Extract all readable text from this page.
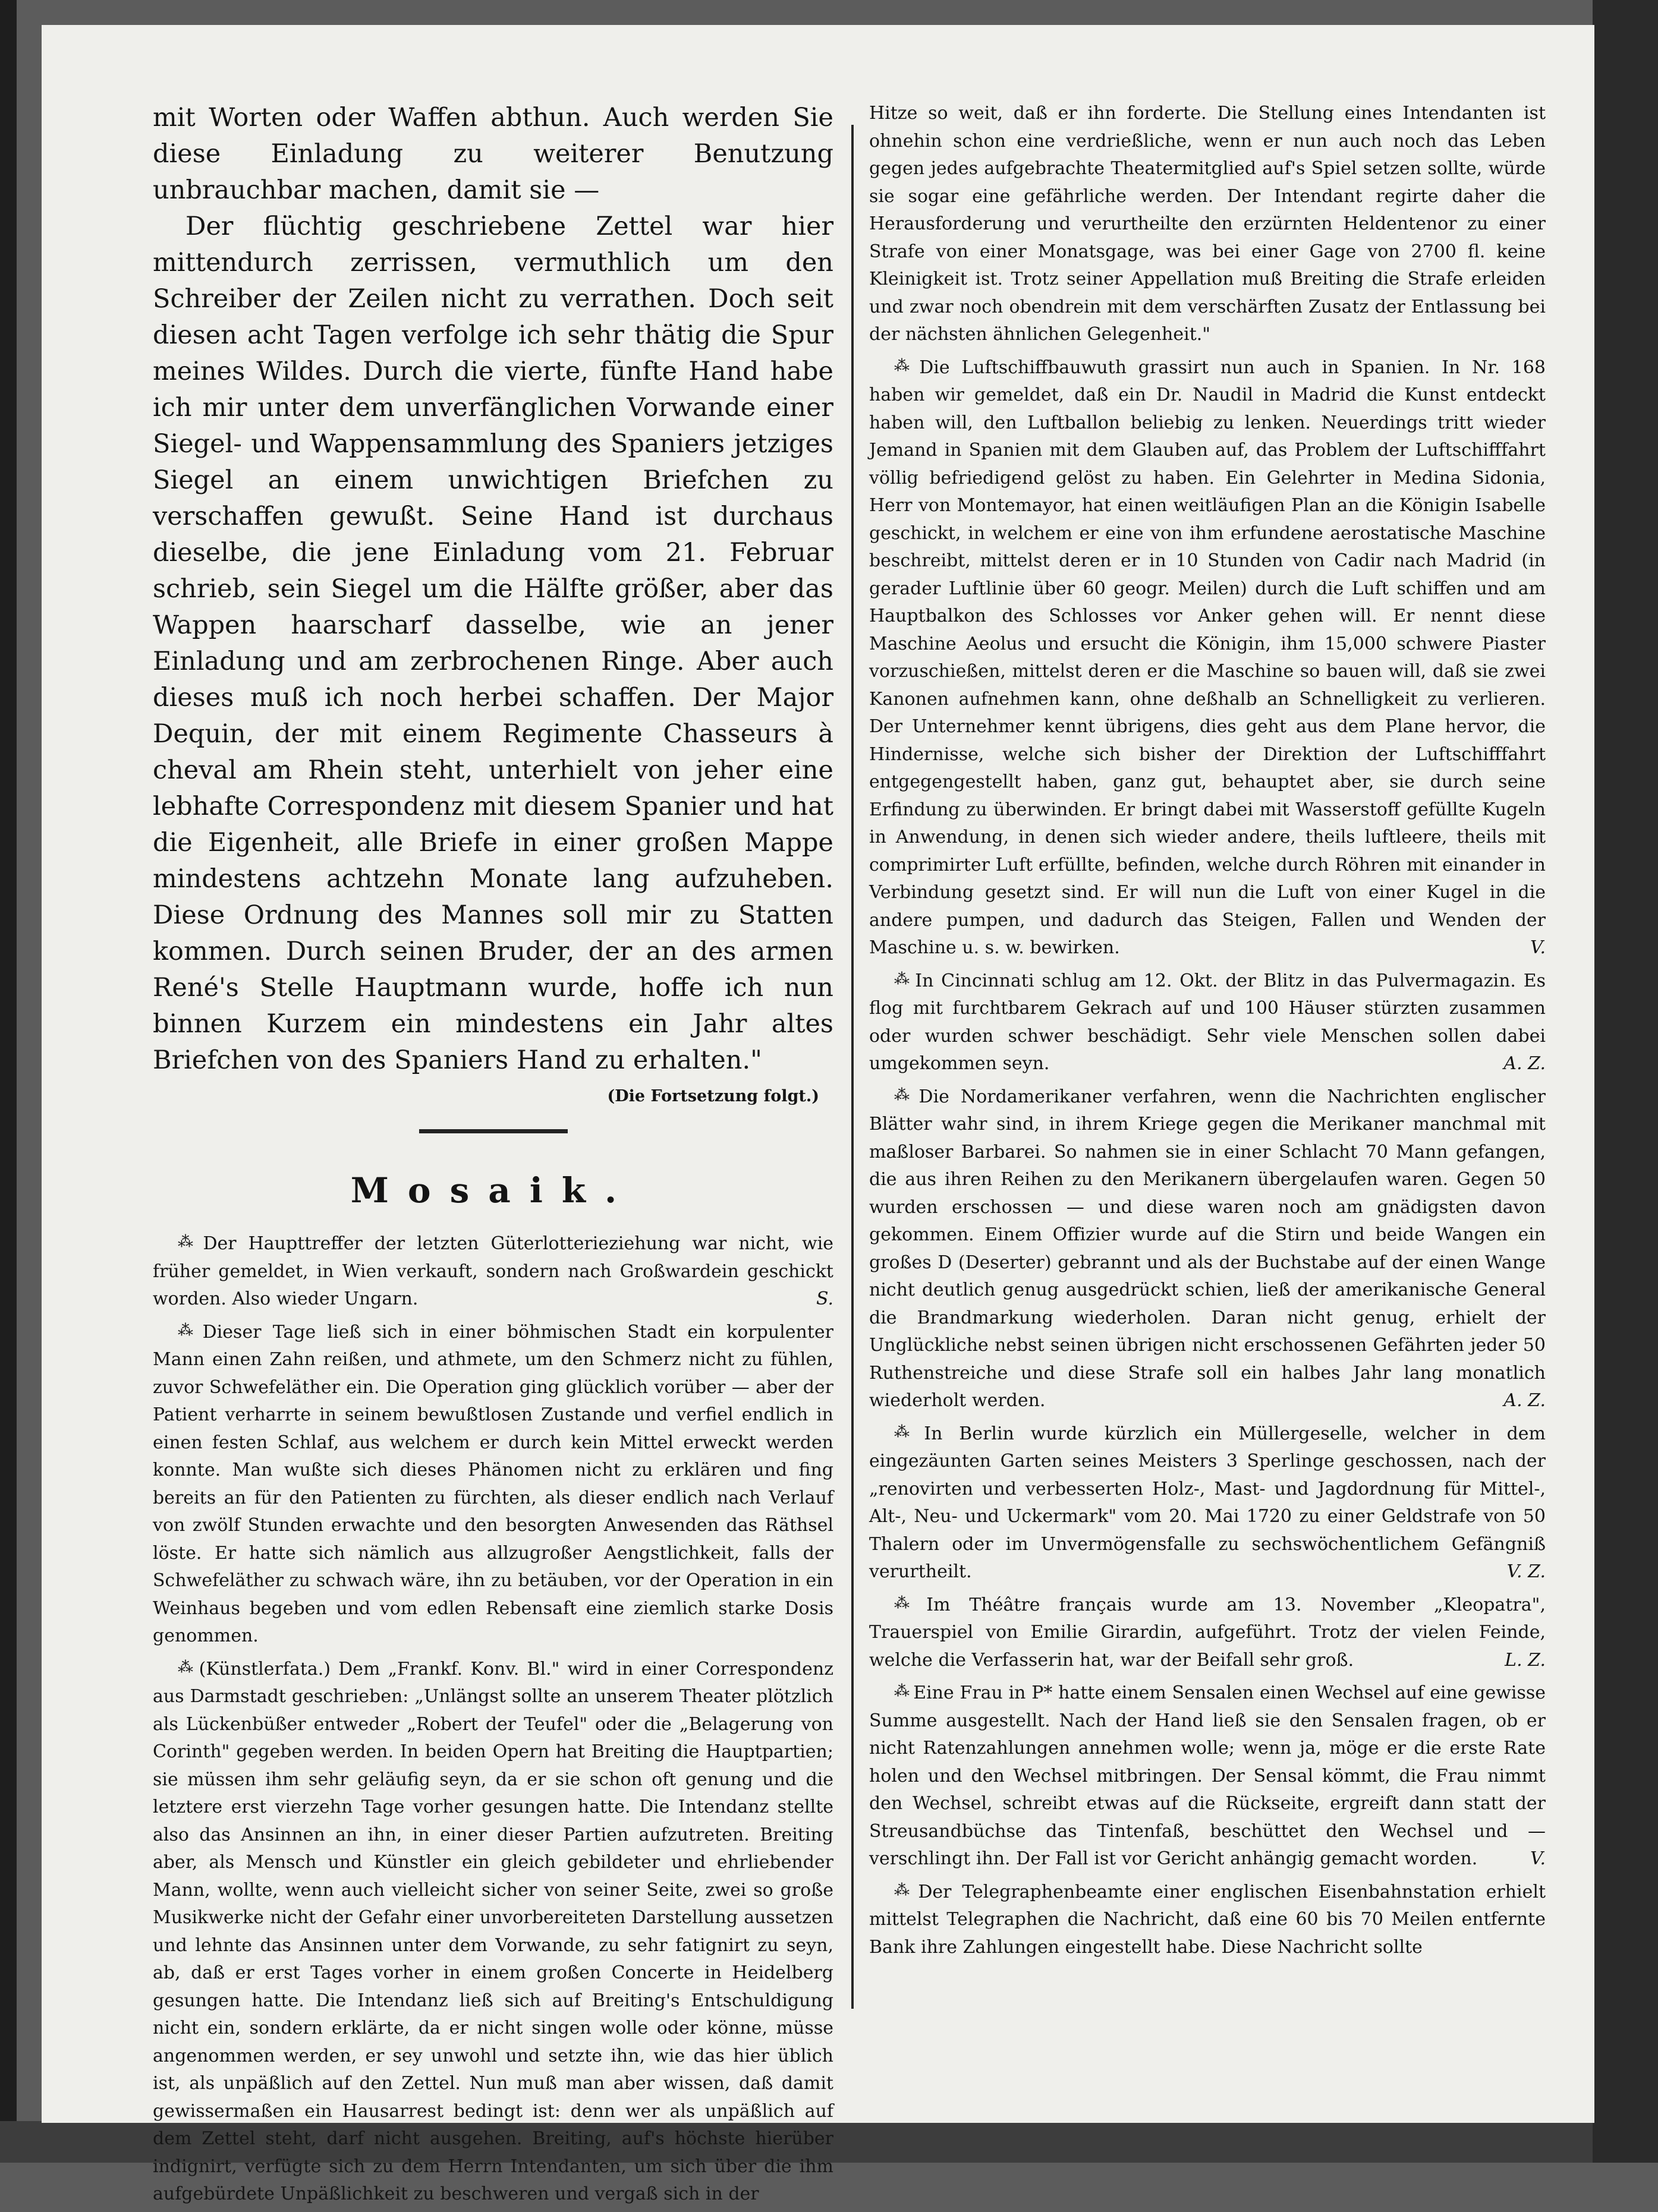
mit Worten oder Waffen abthun. Auch werden Sie diese Einladung zu weiterer Benutzung unbrauchbar machen, damit sie —

Der flüchtig geschriebene Zettel war hier mittendurch zerrissen, vermuthlich um den Schreiber der Zeilen nicht zu verrathen. Doch seit diesen acht Tagen verfolge ich sehr thätig die Spur meines Wildes. Durch die vierte, fünfte Hand habe ich mir unter dem unverfänglichen Vorwande einer Siegel- und Wappensammlung des Spaniers jetziges Siegel an einem unwichtigen Briefchen zu verschaffen gewußt. Seine Hand ist durchaus dieselbe, die jene Einladung vom 21. Februar schrieb, sein Siegel um die Hälfte größer, aber das Wappen haarscharf dasselbe, wie an jener Einladung und am zerbrochenen Ringe. Aber auch dieses muß ich noch herbei schaffen. Der Major Dequin, der mit einem Regimente Chasseurs à cheval am Rhein steht, unterhielt von jeher eine lebhafte Correspondenz mit diesem Spanier und hat die Eigenheit, alle Briefe in einer großen Mappe mindestens achtzehn Monate lang aufzuheben. Diese Ordnung des Mannes soll mir zu Statten kommen. Durch seinen Bruder, der an des armen René's Stelle Hauptmann wurde, hoffe ich nun binnen Kurzem ein mindestens ein Jahr altes Briefchen von des Spaniers Hand zu erhalten."

(Die Fortsetzung folgt.)
Mosaik.

⁂ Der Haupttreffer der letzten Güterlotterieziehung war nicht, wie früher gemeldet, in Wien verkauft, sondern nach Großwardein geschickt worden. Also wieder Ungarn.	S.

⁂ Dieser Tage ließ sich in einer böhmischen Stadt ein korpulenter Mann einen Zahn reißen, und athmete, um den Schmerz nicht zu fühlen, zuvor Schwefeläther ein. Die Operation ging glücklich vorüber — aber der Patient verharrte in seinem bewußtlosen Zustande und verfiel endlich in einen festen Schlaf, aus welchem er durch kein Mittel erweckt werden konnte. Man wußte sich dieses Phänomen nicht zu erklären und fing bereits an für den Patienten zu fürchten, als dieser endlich nach Verlauf von zwölf Stunden erwachte und den besorgten Anwesenden das Räthsel löste. Er hatte sich nämlich aus allzugroßer Aengstlichkeit, falls der Schwefeläther zu schwach wäre, ihn zu betäuben, vor der Operation in ein Weinhaus begeben und vom edlen Rebensaft eine ziemlich starke Dosis genommen.

⁂ (Künstlerfata.) Dem „Frankf. Konv. Bl." wird in einer Correspondenz aus Darmstadt geschrieben: „Unlängst sollte an unserem Theater plötzlich als Lückenbüßer entweder „Robert der Teufel" oder die „Belagerung von Corinth" gegeben werden. In beiden Opern hat Breiting die Hauptpartien; sie müssen ihm sehr geläufig seyn, da er sie schon oft genung und die letztere erst vierzehn Tage vorher gesungen hatte. Die Intendanz stellte also das Ansinnen an ihn, in einer dieser Partien aufzutreten. Breiting aber, als Mensch und Künstler ein gleich gebildeter und ehrliebender Mann, wollte, wenn auch vielleicht sicher von seiner Seite, zwei so große Musikwerke nicht der Gefahr einer unvorbereiteten Darstellung aussetzen und lehnte das Ansinnen unter dem Vorwande, zu sehr fatignirt zu seyn, ab, daß er erst Tages vorher in einem großen Concerte in Heidelberg gesungen hatte. Die Intendanz ließ sich auf Breiting's Entschuldigung nicht ein, sondern erklärte, da er nicht singen wolle oder könne, müsse angenommen werden, er sey unwohl und setzte ihn, wie das hier üblich ist, als unpäßlich auf den Zettel. Nun muß man aber wissen, daß damit gewissermaßen ein Hausarrest bedingt ist: denn wer als unpäßlich auf dem Zettel steht, darf nicht ausgehen. Breiting, auf's höchste hierüber indignirt, verfügte sich zu dem Herrn Intendanten, um sich über die ihm aufgebürdete Unpäßlichkeit zu beschweren und vergaß sich in der

Hitze so weit, daß er ihn forderte. Die Stellung eines Intendanten ist ohnehin schon eine verdrießliche, wenn er nun auch noch das Leben gegen jedes aufgebrachte Theatermitglied auf's Spiel setzen sollte, würde sie sogar eine gefährliche werden. Der Intendant regirte daher die Herausforderung und verurtheilte den erzürnten Heldentenor zu einer Strafe von einer Monatsgage, was bei einer Gage von 2700 fl. keine Kleinigkeit ist. Trotz seiner Appellation muß Breiting die Strafe erleiden und zwar noch obendrein mit dem verschärften Zusatz der Entlassung bei der nächsten ähnlichen Gelegenheit."

⁂ Die Luftschiffbauwuth grassirt nun auch in Spanien. In Nr. 168 haben wir gemeldet, daß ein Dr. Naudil in Madrid die Kunst entdeckt haben will, den Luftballon beliebig zu lenken. Neuerdings tritt wieder Jemand in Spanien mit dem Glauben auf, das Problem der Luftschifffahrt völlig befriedigend gelöst zu haben. Ein Gelehrter in Medina Sidonia, Herr von Montemayor, hat einen weitläufigen Plan an die Königin Isabelle geschickt, in welchem er eine von ihm erfundene aerostatische Maschine beschreibt, mittelst deren er in 10 Stunden von Cadir nach Madrid (in gerader Luftlinie über 60 geogr. Meilen) durch die Luft schiffen und am Hauptbalkon des Schlosses vor Anker gehen will. Er nennt diese Maschine Aeolus und ersucht die Königin, ihm 15,000 schwere Piaster vorzuschießen, mittelst deren er die Maschine so bauen will, daß sie zwei Kanonen aufnehmen kann, ohne deßhalb an Schnelligkeit zu verlieren. Der Unternehmer kennt übrigens, dies geht aus dem Plane hervor, die Hindernisse, welche sich bisher der Direktion der Luftschifffahrt entgegengestellt haben, ganz gut, behauptet aber, sie durch seine Erfindung zu überwinden. Er bringt dabei mit Wasserstoff gefüllte Kugeln in Anwendung, in denen sich wieder andere, theils luftleere, theils mit comprimirter Luft erfüllte, befinden, welche durch Röhren mit einander in Verbindung gesetzt sind. Er will nun die Luft von einer Kugel in die andere pumpen, und dadurch das Steigen, Fallen und Wenden der Maschine u. s. w. bewirken.	V.

⁂ In Cincinnati schlug am 12. Okt. der Blitz in das Pulvermagazin. Es flog mit furchtbarem Gekrach auf und 100 Häuser stürzten zusammen oder wurden schwer beschädigt. Sehr viele Menschen sollen dabei umgekommen seyn.	A. Z.

⁂ Die Nordamerikaner verfahren, wenn die Nachrichten englischer Blätter wahr sind, in ihrem Kriege gegen die Merikaner manchmal mit maßloser Barbarei. So nahmen sie in einer Schlacht 70 Mann gefangen, die aus ihren Reihen zu den Merikanern übergelaufen waren. Gegen 50 wurden erschossen — und diese waren noch am gnädigsten davon gekommen. Einem Offizier wurde auf die Stirn und beide Wangen ein großes D (Deserter) gebrannt und als der Buchstabe auf der einen Wange nicht deutlich genug ausgedrückt schien, ließ der amerikanische General die Brandmarkung wiederholen. Daran nicht genug, erhielt der Unglückliche nebst seinen übrigen nicht erschossenen Gefährten jeder 50 Ruthenstreiche und diese Strafe soll ein halbes Jahr lang monatlich wiederholt werden.	A. Z.

⁂ In Berlin wurde kürzlich ein Müllergeselle, welcher in dem eingezäunten Garten seines Meisters 3 Sperlinge geschossen, nach der „renovirten und verbesserten Holz-, Mast- und Jagdordnung für Mittel-, Alt-, Neu- und Uckermark" vom 20. Mai 1720 zu einer Geldstrafe von 50 Thalern oder im Unvermögensfalle zu sechswöchentlichem Gefängniß verurtheilt.	V. Z.

⁂ Im Théâtre français wurde am 13. November „Kleopatra", Trauerspiel von Emilie Girardin, aufgeführt. Trotz der vielen Feinde, welche die Verfasserin hat, war der Beifall sehr groß.	L. Z.

⁂ Eine Frau in P* hatte einem Sensalen einen Wechsel auf eine gewisse Summe ausgestellt. Nach der Hand ließ sie den Sensalen fragen, ob er nicht Ratenzahlungen annehmen wolle; wenn ja, möge er die erste Rate holen und den Wechsel mitbringen. Der Sensal kömmt, die Frau nimmt den Wechsel, schreibt etwas auf die Rückseite, ergreift dann statt der Streusandbüchse das Tintenfaß, beschüttet den Wechsel und — verschlingt ihn. Der Fall ist vor Gericht anhängig gemacht worden.	V.

⁂ Der Telegraphenbeamte einer englischen Eisenbahnstation erhielt mittelst Telegraphen die Nachricht, daß eine 60 bis 70 Meilen entfernte Bank ihre Zahlungen eingestellt habe. Diese Nachricht sollte
